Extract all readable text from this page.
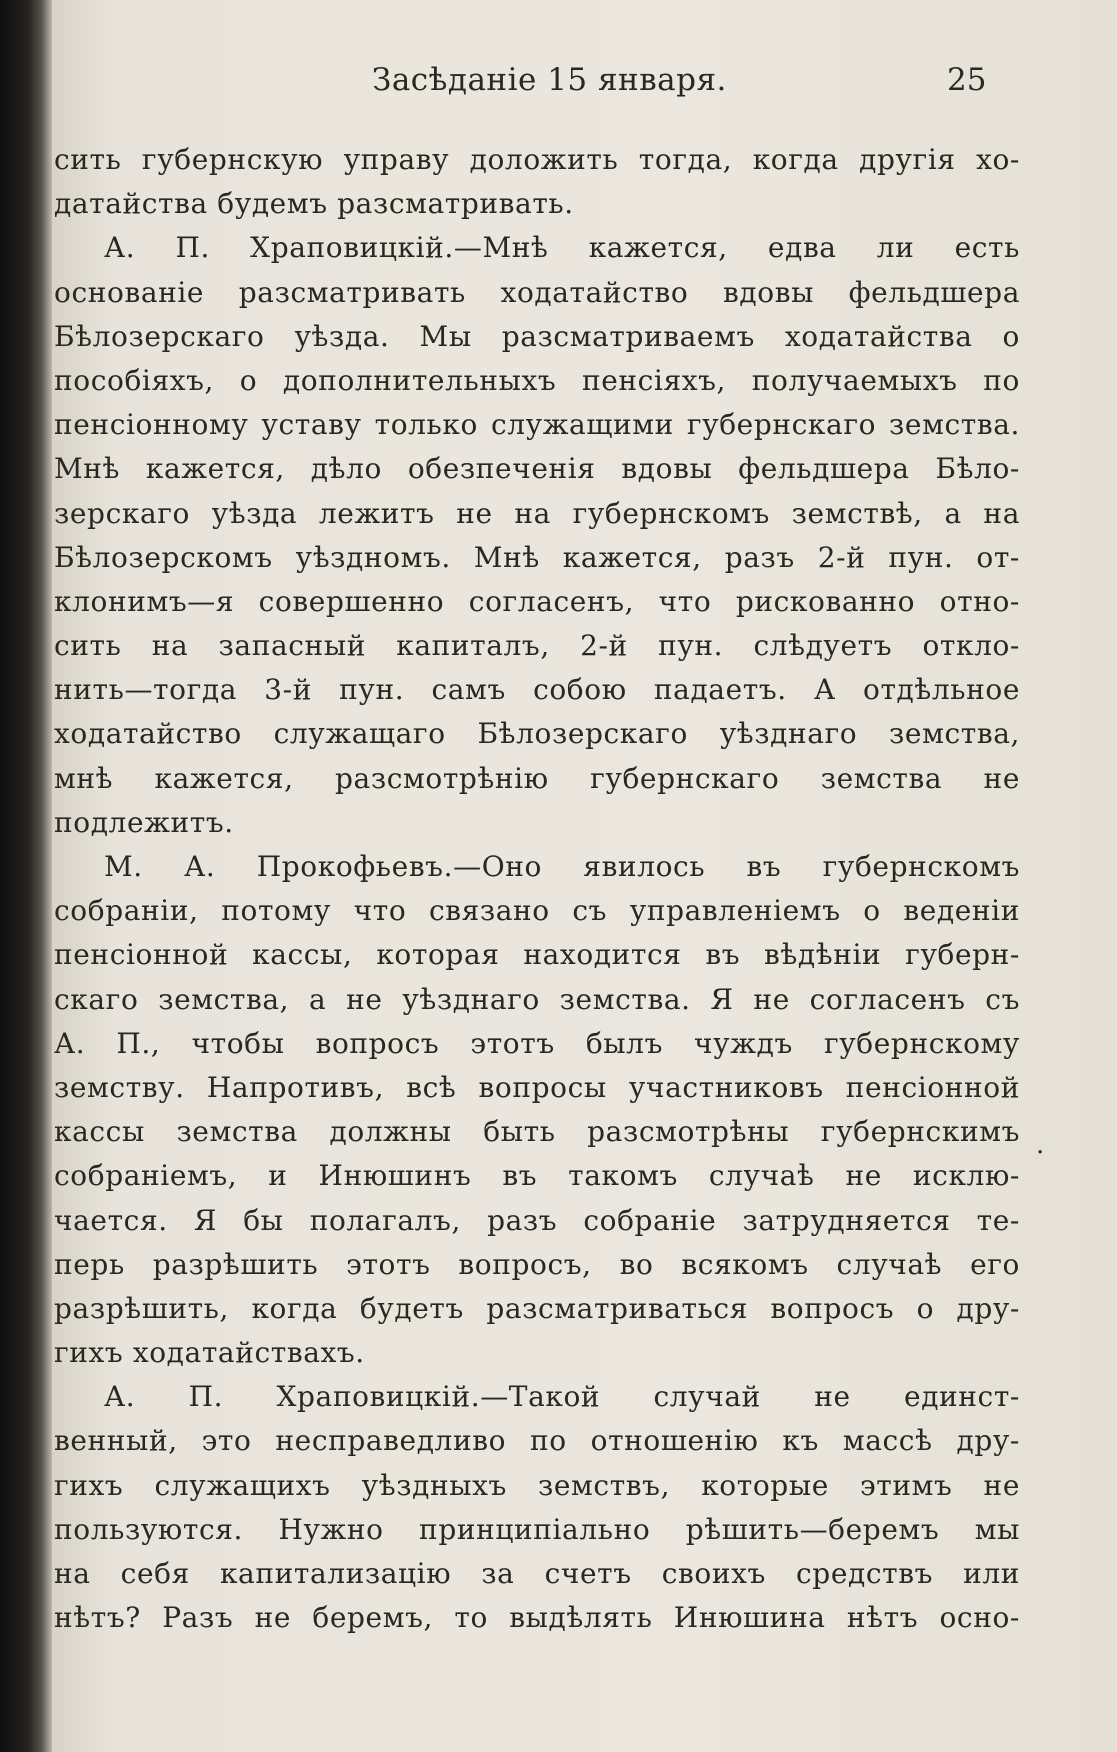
Засѣданіе 15 января.	25
сить губернскую управу доложить тогда, когда другія хо-
датайства будемъ разсматривать.
А. П. Храповицкій.—Мнѣ кажется, едва ли есть
основаніе разсматривать ходатайство вдовы фельдшера
Бѣлозерскаго уѣзда. Мы разсматриваемъ ходатайства о
пособіяхъ, о дополнительныхъ пенсіяхъ, получаемыхъ по
пенсіонному уставу только служащими губернскаго земства.
Мнѣ кажется, дѣло обезпеченія вдовы фельдшера Бѣло-
зерскаго уѣзда лежитъ не на губернскомъ земствѣ, а на
Бѣлозерскомъ уѣздномъ. Мнѣ кажется, разъ 2-й пун. от-
клонимъ—я совершенно согласенъ, что рискованно отно-
сить на запасный капиталъ, 2-й пун. слѣдуетъ откло-
нить—тогда 3-й пун. самъ собою падаетъ. А отдѣльное
ходатайство служащаго Бѣлозерскаго уѣзднаго земства,
мнѣ кажется, разсмотрѣнію губернскаго земства не
подлежитъ.
М. А. Прокофьевъ.—Оно явилось въ губернскомъ
собраніи, потому что связано съ управленіемъ о веденіи
пенсіонной кассы, которая находится въ вѣдѣніи губерн-
скаго земства, а не уѣзднаго земства. Я не согласенъ съ
А. П., чтобы вопросъ этотъ былъ чуждъ губернскому
земству. Напротивъ, всѣ вопросы участниковъ пенсіонной
кассы земства должны быть разсмотрѣны губернскимъ
собраніемъ, и Инюшинъ въ такомъ случаѣ не исклю-
чается. Я бы полагалъ, разъ собраніе затрудняется те-
перь разрѣшить этотъ вопросъ, во всякомъ случаѣ его
разрѣшить, когда будетъ разсматриваться вопросъ о дру-
гихъ ходатайствахъ.
А. П. Храповицкій.—Такой случай не единст-
венный, это несправедливо по отношенію къ массѣ дру-
гихъ служащихъ уѣздныхъ земствъ, которые этимъ не
пользуются. Нужно принципіально рѣшить—беремъ мы
на себя капитализацію за счетъ своихъ средствъ или
нѣтъ? Разъ не беремъ, то выдѣлять Инюшина нѣтъ осно-
.
